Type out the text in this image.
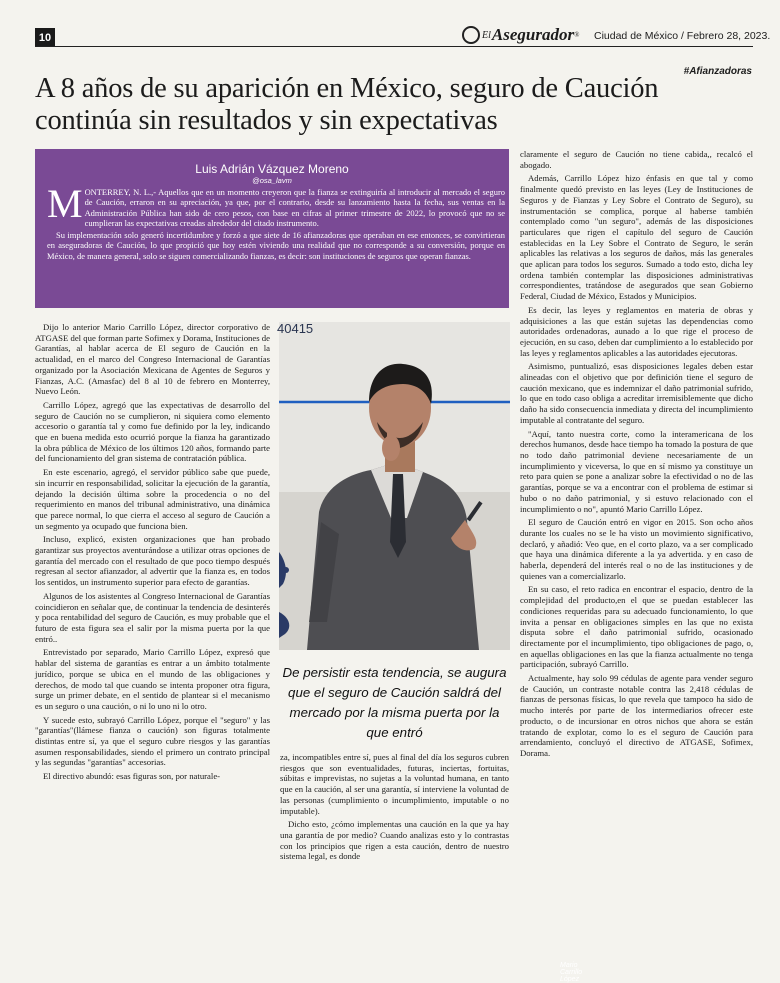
10	El Asegurador ® Ciudad de México / Febrero 28, 2023.
#Afianzadoras
A 8 años de su aparición en México, seguro de Caución
continúa sin resultados y sin expectativas
Luis Adrián Vázquez Moreno
@osa_lavm

MONTERREY, N. L.,- Aquellos que en un momento creyeron que la fianza se extinguiría al introducir al mercado el seguro de Caución, erraron en su apreciación, ya que, por el contrario, desde su lanzamiento hasta la fecha, sus ventas en la Administración Pública han sido de cero pesos, con base en cifras al primer trimestre de 2022, lo provocó que no se cumplieran las expectativas creadas alrededor del citado instrumento.

Su implementación solo generó incertidumbre y forzó a que siete de 16 afianzadoras que operaban en ese entonces, se convirtieran en aseguradoras de Caución, lo que propició que hoy estén viviendo una realidad que no corresponde a su conversión, porque en México, de manera general, solo se siguen comercializando fianzas, es decir: son instituciones de seguros que operan fianzas.

Dijo lo anterior Mario Carrillo López, director corporativo de ATGASE del que forman parte Sofimex y Dorama, Instituciones de Garantías, al hablar acerca de El seguro de Caución en la actualidad, en el marco del Congreso Internacional de Garantías organizado por la Asociación Mexicana de Agentes de Seguros y Fianzas, A.C. (Amasfac) del 8 al 10 de febrero en Monterrey, Nuevo León.

Carrillo López, agregó que las expectativas de desarrollo del seguro de Caución no se cumplieron, ni siquiera como elemento accesorio o garantía tal y como fue definido por la ley, indicando que en buena medida esto ocurrió porque la fianza ha garantizado la obra pública de México de los últimos 120 años, formando parte del funcionamiento del gran sistema de contratación pública.

En este escenario, agregó, el servidor público sabe que puede, sin incurrir en responsabilidad, solicitar la ejecución de la garantía, dejando la decisión última sobre la procedencia o no del requerimiento en manos del tribunal administrativo, una dinámica que parece normal, lo que cierra el acceso al seguro de Caución a un segmento ya ocupado que funciona bien.

Incluso, explicó, existen organizaciones que han probado garantizar sus proyectos aventurándose a utilizar otras opciones de garantía del mercado con el resultado de que poco tiempo después regresan al sector afianzador, al advertir que la fianza es, en todos los sentidos, un instrumento superior para efecto de garantías.

Algunos de los asistentes al Congreso Internacional de Garantías coincidieron en señalar que, de continuar la tendencia de desinterés y poca rentabilidad del seguro de Caución, es muy probable que el futuro de esta figura sea el salir por la misma puerta por la que entró..

Entrevistado por separado, Mario Carrillo López, expresó que hablar del sistema de garantías es entrar a un ámbito totalmente jurídico, porque se ubica en el mundo de las obligaciones y derechos, de modo tal que cuando se intenta proponer otra figura, surge un primer debate, en el sentido de plantear si el mecanismo es un seguro o una caución, o ni lo uno ni lo otro.

Y sucede esto, subrayó Carrillo López, porque el "seguro" y las "garantías"(llámese fianza o caución) son figuras totalmente distintas entre sí, ya que el seguro cubre riesgos y las garantías asumen responsabilidades, siendo el primero un contrato principal y las segundas "garantías" accesorias.

El directivo abundó: esas figuras son, por naturale-

40415
Mario Carrillo López
De persistir esta tendencia, se augura que el seguro de Caución saldrá del mercado por la misma puerta por la que entró

za, incompatibles entre sí, pues al final del día los seguros cubren riesgos que son eventualidades, futuras, inciertas, fortuitas, súbitas e imprevistas, no sujetas a la voluntad humana, en tanto que en la caución, al ser una garantía, sí interviene la voluntad de las personas (cumplimiento o incumplimiento, imputable o no imputable).

Dicho esto, ¿cómo implementas una caución en la que ya hay una garantía de por medio? Cuando analizas esto y lo contrastas con los principios que rigen a esta caución, dentro de nuestro sistema legal, es donde

claramente el seguro de Caución no tiene cabida,, recalcó el abogado.

Además, Carrillo López hizo énfasis en que tal y como finalmente quedó previsto en las leyes (Ley de Instituciones de Seguros y de Fianzas y Ley Sobre el Contrato de Seguro), su instrumentación se complica, porque al haberse también contemplado como "un seguro", además de las disposiciones particulares que rigen el capítulo del seguro de Caución establecidas en la Ley Sobre el Contrato de Seguro, le serán aplicables las relativas a los seguros de daños, más las generales que aplican para todos los seguros. Sumado a todo esto, dicha ley ordena también contemplar las disposiciones administrativas correspondientes, tratándose de asegurados que sean Gobierno Federal, Ciudad de México, Estados y Municipios.

Es decir, las leyes y reglamentos en materia de obras y adquisiciones a las que están sujetas las dependencias como autoridades ordenadoras, aunado a lo que rige el proceso de ejecución, en su caso, deben dar cumplimiento a lo establecido por las leyes y reglamentos aplicables a las autoridades ejecutoras.

Asimismo, puntualizó, esas disposiciones legales deben estar alineadas con el objetivo que por definición tiene el seguro de caución mexicano, que es indemnizar el daño patrimonial sufrido, lo que en todo caso obliga a acreditar irremisiblemente que dicho daño ha sido consecuencia inmediata y directa del incumplimiento imputable al contratante del seguro.

"Aquí, tanto nuestra corte, como la interamericana de los derechos humanos, desde hace tiempo ha tomado la postura de que no todo daño patrimonial deviene necesariamente de un incumplimiento y viceversa, lo que en sí mismo ya constituye un reto para quien se pone a analizar sobre la efectividad o no de las garantías, porque se va a encontrar con el problema de estimar si hubo o no daño patrimonial, y si estuvo relacionado con el incumplimiento o no", apuntó Mario Carrillo López.

El seguro de Caución entró en vigor en 2015. Son ocho años durante los cuales no se le ha visto un movimiento significativo, declaró, y añadió: Veo que, en el corto plazo, va a ser complicado que haya una dinámica diferente a la ya advertida. y en caso de haberla, dependerá del interés real o no de las instituciones y de quienes van a comercializarlo.

En su caso, el reto radica en encontrar el espacio, dentro de la complejidad del producto,en el que se puedan establecer las condiciones requeridas para su adecuado funcionamiento, lo que invita a pensar en obligaciones simples en las que no exista disputa sobre el daño patrimonial sufrido, ocasionado directamente por el incumplimiento, tipo obligaciones de pago, o, en aquellas obligaciones en las que la fianza actualmente no tenga participación, subrayó Carrillo.

Actualmente, hay solo 99 cédulas de agente para vender seguro de Caución, un contraste notable contra las 2,418 cédulas de fianzas de personas físicas, lo que revela que tampoco ha sido de mucho interés por parte de los intermediarios ofrecer este producto, o de incursionar en otros nichos que ahora se están tratando de explotar, como lo es el seguro de Caución para arrendamiento, concluyó el directivo de ATGASE, Sofimex, Dorama.
